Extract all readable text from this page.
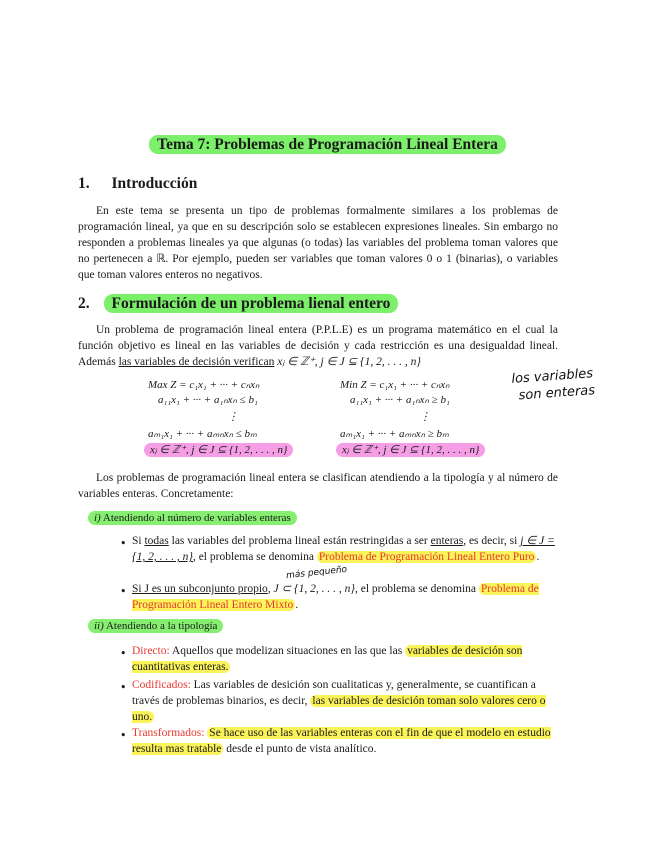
Tema 7: Problemas de Programación Lineal Entera
1. Introducción

En este tema se presenta un tipo de problemas formalmente similares a los problemas de programación lineal, ya que en su descripción solo se establecen expresiones lineales. Sin embargo no responden a problemas lineales ya que algunas (o todas) las variables del problema toman valores que no pertenecen a ℝ. Por ejemplo, pueden ser variables que toman valores 0 o 1 (binarias), o variables que toman valores enteros no negativos.

2. Formulación de un problema lienal entero

Un problema de programación lineal entera (P.P.L.E) es un programa matemático en el cual la función objetivo es lineal en las variables de decisión y cada restricción es una desigualdad lineal. Además las variables de decisión verifican xⱼ ∈ ℤ⁺, j ∈ J ⊆ {1, 2, . . . , n}

Max Z = c₁x₁ + ··· + cₙxₙ
a₁₁x₁ + ··· + a₁ₙxₙ ≤ b₁
⋮
aₘ₁x₁ + ··· + aₘₙxₙ ≤ bₘ
xⱼ ∈ ℤ⁺, j ∈ J ⊆ {1, 2, . . . , n}
Min Z = c₁x₁ + ··· + cₙxₙ
a₁₁x₁ + ··· + a₁ₙxₙ ≥ b₁
⋮
aₘ₁x₁ + ··· + aₘₙxₙ ≥ bₘ
xⱼ ∈ ℤ⁺, j ∈ J ⊆ {1, 2, . . . , n}
los variables
son enteras

Los problemas de programación lineal entera se clasifican atendiendo a la tipología y al número de variables enteras. Concretamente:

i) Atendiendo al número de variables enteras
• Si todas las variables del problema lineal están restringidas a ser enteras, es decir, si j ∈ J = {1, 2, . . . , n}, el problema se denomina Problema de Programación Lineal Entero Puro .

más pequeño
• Si J es un subconjunto propio, J ⊂ {1, 2, . . . , n}, el problema se denomina Problema de Programación Lineal Entero Mixto .

ii) Atendiendo a la tipología
• Directo: Aquellos que modelizan situaciones en las que las variables de desición son cuantitativas enteras.

• Codificados: Las variables de desición son cualitaticas y, generalmente, se cuantifican a través de problemas binarios, es decir, las variables de desición toman solo valores cero o uno.

• Transformados: Se hace uso de las variables enteras con el fin de que el modelo en estudio resulta mas tratable desde el punto de vista analítico.
